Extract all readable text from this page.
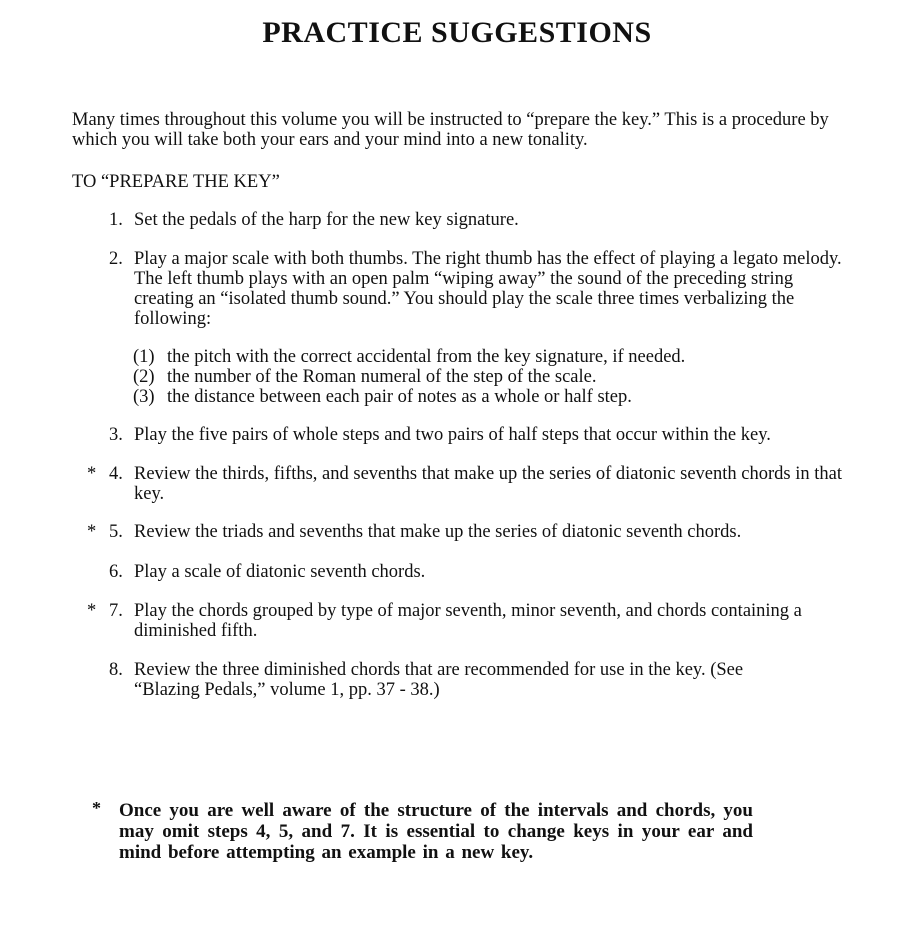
PRACTICE SUGGESTIONS

Many times throughout this volume you will be instructed to “prepare the key.” This is a procedure by which you will take both your ears and your mind into a new tonality.

TO “PREPARE THE KEY”

1. Set the pedals of the harp for the new key signature.
2. Play a major scale with both thumbs. The right thumb has the effect of playing a legato melody. The left thumb plays with an open palm “wiping away” the sound of the preceding string creating an “isolated thumb sound.” You should play the scale three times verbalizing the following:
(1) the pitch with the correct accidental from the key signature, if needed.
(2) the number of the Roman numeral of the step of the scale.
(3) the distance between each pair of notes as a whole or half step.
3. Play the five pairs of whole steps and two pairs of half steps that occur within the key.
* 4. Review the thirds, fifths, and sevenths that make up the series of diatonic seventh chords in that key.
* 5. Review the triads and sevenths that make up the series of diatonic seventh chords.
6. Play a scale of diatonic seventh chords.
* 7. Play the chords grouped by type of major seventh, minor seventh, and chords containing a diminished fifth.
8. Review the three diminished chords that are recommended for use in the key. (See “Blazing Pedals,” volume 1, pp. 37 - 38.)
* Once you are well aware of the structure of the intervals and chords, you may omit steps 4, 5, and 7. It is essential to change keys in your ear and mind before attempting an example in a new key.
